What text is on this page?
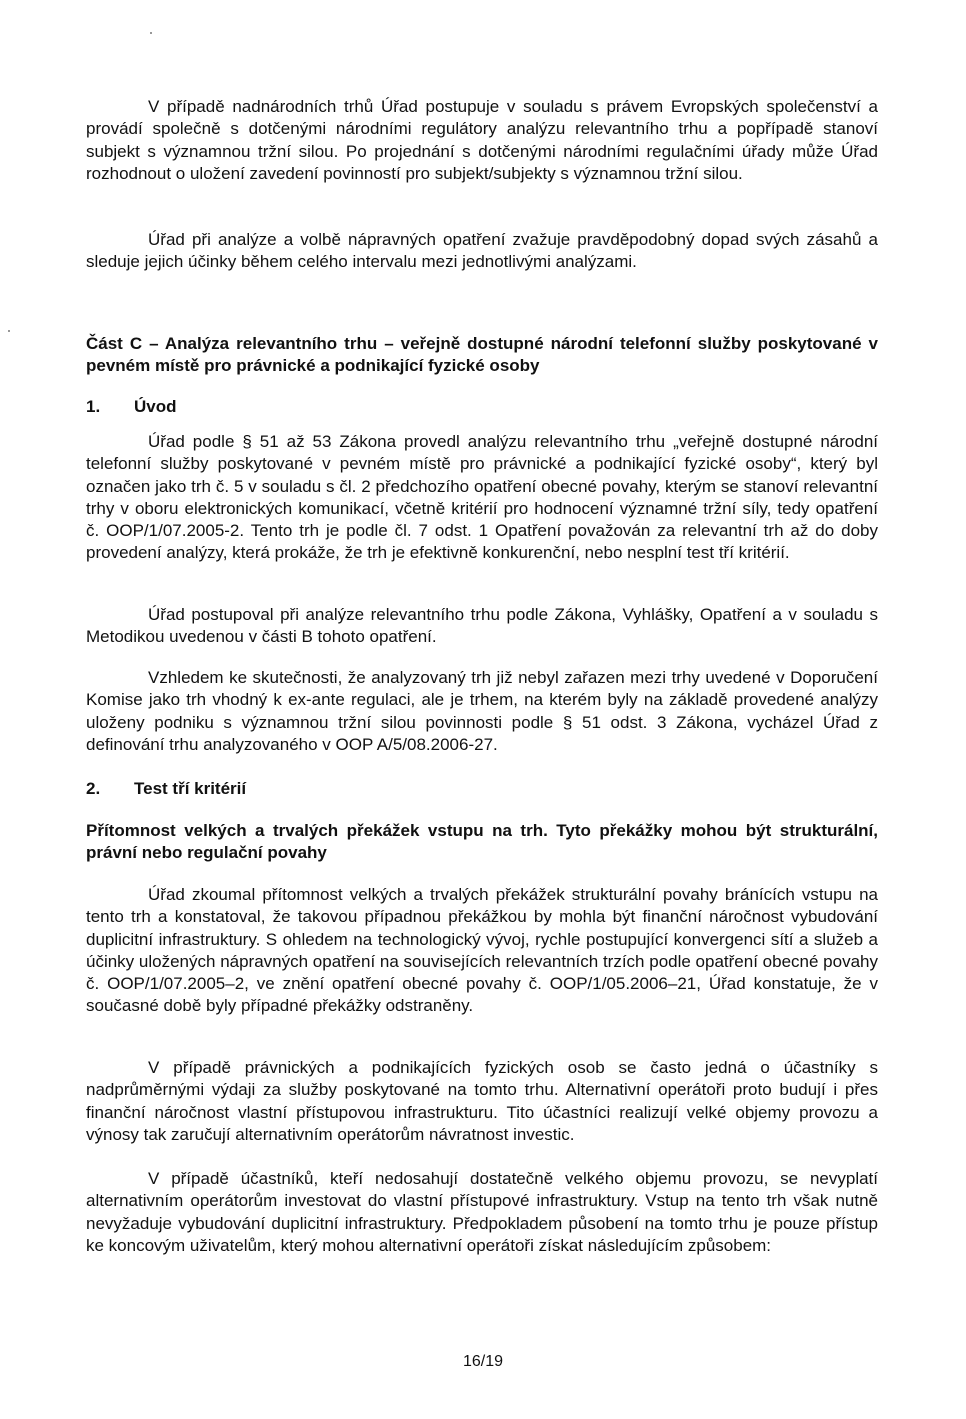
V případě nadnárodních trhů Úřad postupuje v souladu s právem Evropských společenství a provádí společně s dotčenými národními regulátory analýzu relevantního trhu a popřípadě stanoví subjekt s významnou tržní silou. Po projednání s dotčenými národními regulačními úřady může Úřad rozhodnout o uložení zavedení povinností pro subjekt/subjekty s významnou tržní silou.

Úřad při analýze a volbě nápravných opatření zvažuje pravděpodobný dopad svých zásahů a sleduje jejich účinky během celého intervalu mezi jednotlivými analýzami.

Část C – Analýza relevantního trhu – veřejně dostupné národní telefonní služby poskytované v pevném místě pro právnické a podnikající fyzické osoby
1. Úvod

Úřad podle § 51 až 53 Zákona provedl analýzu relevantního trhu „veřejně dostupné národní telefonní služby poskytované v pevném místě pro právnické a podnikající fyzické osoby“, který byl označen jako trh č. 5 v souladu s čl. 2 předchozího opatření obecné povahy, kterým se stanoví relevantní trhy v oboru elektronických komunikací, včetně kritérií pro hodnocení významné tržní síly, tedy opatření č. OOP/1/07.2005-2. Tento trh je podle čl. 7 odst. 1 Opatření považován za relevantní trh až do doby provedení analýzy, která prokáže, že trh je efektivně konkurenční, nebo nesplní test tří kritérií.

Úřad postupoval při analýze relevantního trhu podle Zákona, Vyhlášky, Opatření a v souladu s Metodikou uvedenou v části B tohoto opatření.

Vzhledem ke skutečnosti, že analyzovaný trh již nebyl zařazen mezi trhy uvedené v Doporučení Komise jako trh vhodný k ex-ante regulaci, ale je trhem, na kterém byly na základě provedené analýzy uloženy podniku s významnou tržní silou povinnosti podle § 51 odst. 3 Zákona, vycházel Úřad z definování trhu analyzovaného v OOP A/5/08.2006-27.

2. Test tří kritérií
Přítomnost velkých a trvalých překážek vstupu na trh. Tyto překážky mohou být strukturální, právní nebo regulační povahy

Úřad zkoumal přítomnost velkých a trvalých překážek strukturální povahy bránících vstupu na tento trh a konstatoval, že takovou případnou překážkou by mohla být finanční náročnost vybudování duplicitní infrastruktury. S ohledem na technologický vývoj, rychle postupující konvergenci sítí a služeb a účinky uložených nápravných opatření na souvisejících relevantních trzích podle opatření obecné povahy č. OOP/1/07.2005–2, ve znění opatření obecné povahy č. OOP/1/05.2006–21, Úřad konstatuje, že v současné době byly případné překážky odstraněny.

V případě právnických a podnikajících fyzických osob se často jedná o účastníky s nadprůměrnými výdaji za služby poskytované na tomto trhu. Alternativní operátoři proto budují i přes finanční náročnost vlastní přístupovou infrastrukturu. Tito účastníci realizují velké objemy provozu a výnosy tak zaručují alternativním operátorům návratnost investic.

V případě účastníků, kteří nedosahují dostatečně velkého objemu provozu, se nevyplatí alternativním operátorům investovat do vlastní přístupové infrastruktury. Vstup na tento trh však nutně nevyžaduje vybudování duplicitní infrastruktury. Předpokladem působení na tomto trhu je pouze přístup ke koncovým uživatelům, který mohou alternativní operátoři získat následujícím způsobem:

16/19
